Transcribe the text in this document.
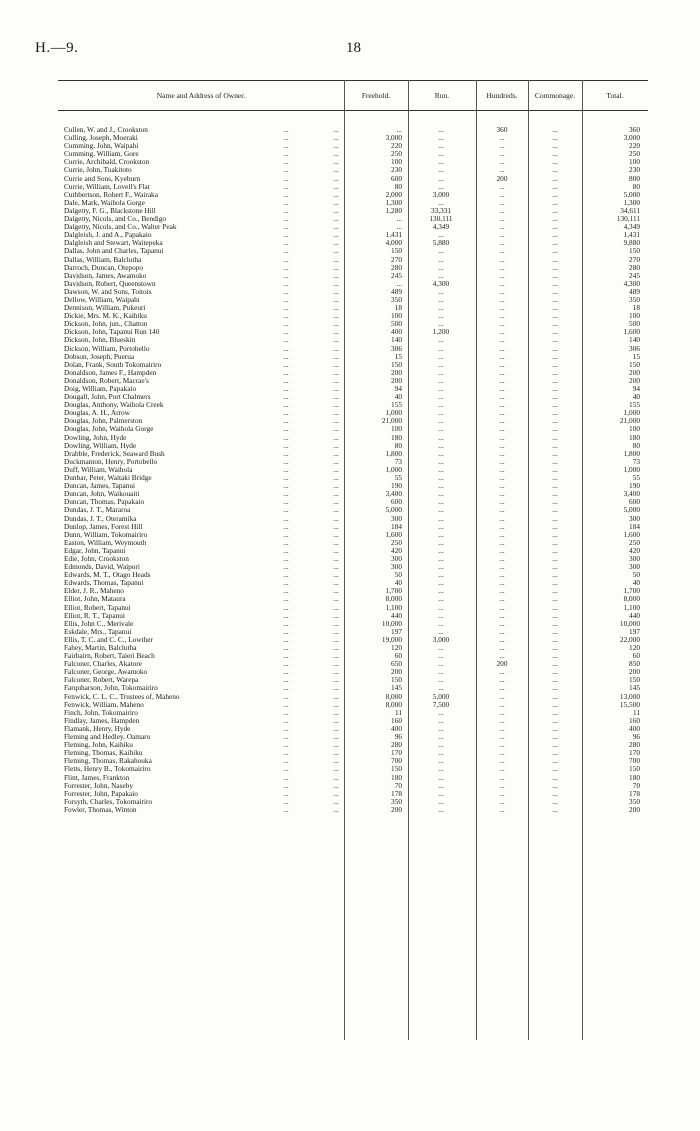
H.—9.	18
Name and Address of Owner.	Freehold.	Run.	Hundreds.	Commonage.	Total.
Cullen, W. and J., Crookston	...	...	...	...	360	...	360
Culling, Joseph, Moeraki	...	...	3,000	...	...	...	3,000
Cumming, John, Waipahi	...	...	220	...	...	...	220
Cumming, William, Gore	...	...	250	...	...	...	250
Currie, Archibald, Crookston	...	...	100	...	...	...	100
Currie, John, Tuakitoto	...	...	230	...	...	...	230
Currie and Sons, Kyeburn	...	...	600	...	200	...	800
Currie, William, Lovell's Flat	...	...	80	...	...	...	80
Cuthbertson, Robert F., Wairaka	...	...	2,000	3,000	...	...	5,000
Dale, Mark, Waihola Gorge	...	...	1,300	...	...	...	1,300
Dalgetty, F. G., Blackstone Hill	...	...	1,280	33,331	...	...	34,611
Dalgetty, Nicols, and Co., Bendigo	...	...	...	130,111	...	...	130,111
Dalgetty, Nicols, and Co., Walter Peak	...	...	...	4,349	...	...	4,349
Dalgleish, J. and A., Papakaio	...	...	1,431	...	...	...	1,431
Dalgleish and Stewart, Waitepeka	...	...	4,000	5,880	...	...	9,880
Dallas, John and Charles, Tapanui	...	...	150	...	...	...	150
Dallas, William, Balclutha	...	...	270	...	...	...	270
Darroch, Duncan, Otepopo	...	...	280	...	...	...	280
Davidson, James, Awamoko	...	...	245	...	...	...	245
Davidson, Robert, Queenstown	...	...	...	4,300	...	...	4,300
Dawson, W. and Sons, Toitois	...	...	489	...	...	...	489
Dellow, William, Waipahi	...	...	350	...	...	...	350
Dennison, William, Pukeuri	...	...	18	...	...	...	18
Dickie, Mrs. M. K., Kaihiku	...	...	100	...	...	...	100
Dickson, John, jun., Chatton	...	...	500	...	...	...	500
Dickson, John, Tapanui Run 140	...	...	400	1,200	...	...	1,600
Dickson, John, Blueskin	...	...	140	...	...	...	140
Dickson, William, Portobello	...	...	306	...	...	...	306
Dobson, Joseph, Puerua	...	...	15	...	...	...	15
Dolan, Frank, South Tokomairiro	...	...	150	...	...	...	150
Donaldson, James F., Hampden	...	...	200	...	...	...	200
Donaldson, Robert, Macrae's	...	...	200	...	...	...	200
Doig, William, Papakaio	...	...	94	...	...	...	94
Dougall, John, Port Chalmers	...	...	40	...	...	...	40
Douglas, Anthony, Waihola Creek	...	...	155	...	...	...	155
Douglas, A. H., Arrow	...	...	1,000	...	...	...	1,000
Douglas, John, Palmerston	...	...	21,000	...	...	...	21,000
Douglas, John, Waihola Gorge	...	...	100	...	...	...	100
Dowling, John, Hyde	...	...	180	...	...	...	180
Dowling, William, Hyde	...	...	80	...	...	...	80
Drabble, Frederick, Seaward Bush	...	...	1,800	...	...	...	1,800
Duckmanton, Henry, Portobello	...	...	73	...	...	...	73
Duff, William, Waihola	...	...	1,000	...	...	...	1,000
Dunbar, Peter, Waitaki Bridge	...	...	55	...	...	...	55
Duncan, James, Tapanui	...	...	190	...	...	...	190
Duncan, John, Waikouaiti	...	...	3,400	...	...	...	3,400
Duncan, Thomas, Papakaio	...	...	600	...	...	...	600
Dundas, J. T., Mararoa	...	...	5,000	...	...	...	5,000
Dundas, J. T., Oteramika	...	...	300	...	...	...	300
Dunlop, James, Forest Hill	...	...	184	...	...	...	184
Dunn, William, Tokomairiro	...	...	1,600	...	...	...	1,600
Easton, William, Weymouth	...	...	250	...	...	...	250
Edgar, John, Tapanui	...	...	420	...	...	...	420
Edie, John, Crookston	...	...	300	...	...	...	300
Edmonds, David, Waipori	...	...	300	...	...	...	300
Edwards, M. T., Otago Heads	...	...	50	...	...	...	50
Edwards, Thomas, Tapanui	...	...	40	...	...	...	40
Elder, J. R., Maheno	...	...	1,700	...	...	...	1,700
Elliot, John, Mataura	...	...	8,000	...	...	...	8,000
Elliot, Robert, Tapanui	...	...	1,100	...	...	...	1,100
Elliot, R. T., Tapanui	...	...	440	...	...	...	440
Ellis, John C., Merivale	...	...	10,000	...	...	...	10,000
Eskdale, Mrs., Tapanui	...	...	197	...	...	...	197
Ellis, T. C. and C. C., Lowther	...	...	19,000	3,000	...	...	22,000
Fahey, Martin, Balclutha	...	...	120	...	...	...	120
Fairbairn, Robert, Taieri Beach	...	...	60	...	...	...	60
Falconer, Charles, Akatore	...	...	650	...	200	...	850
Falconer, George, Awamoko	...	...	200	...	...	...	200
Falconer, Robert, Warepa	...	...	150	...	...	...	150
Farquharson, John, Tokomairiro	...	...	145	...	...	...	145
Fenwick, C. L. C., Trustees of, Maheno	...	...	8,000	5,000	...	...	13,000
Fenwick, William, Maheno	...	...	8,000	7,500	...	...	15,500
Finch, John, Tokomairiro	...	...	11	...	...	...	11
Findlay, James, Hampden	...	...	160	...	...	...	160
Flamank, Henry, Hyde	...	...	400	...	...	...	400
Fleming and Hedley, Oamaru	...	...	96	...	...	...	96
Fleming, John, Kaihiku	...	...	280	...	...	...	280
Fleming, Thomas, Kaihiku	...	...	170	...	...	...	170
Fleming, Thomas, Rakahouka	...	...	700	...	...	...	700
Fletts, Henry B., Tokomairiro	...	...	150	...	...	...	150
Flint, James, Frankton	...	...	180	...	...	...	180
Forrester, John, Naseby	...	...	70	...	...	...	70
Forrester, John, Papakaio	...	...	178	...	...	...	178
Forsyth, Charles, Tokomairiro	...	...	350	...	...	...	350
Fowler, Thomas, Winton	...	...	200	...	...	...	200
